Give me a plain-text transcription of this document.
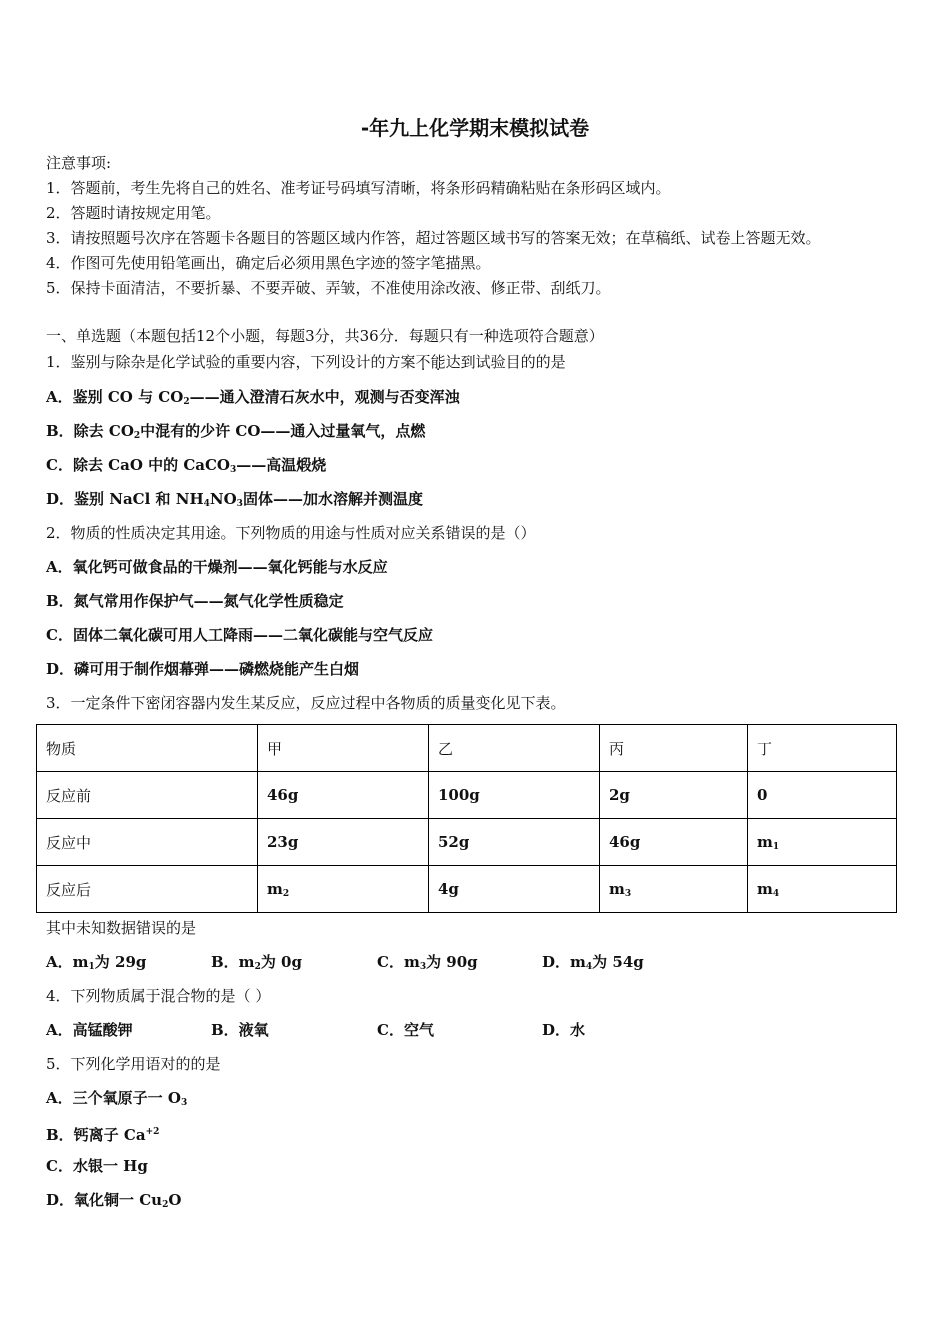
-年九上化学期末模拟试卷
注意事项:
1．答题前，考生先将自己的姓名、准考证号码填写清晰，将条形码精确粘贴在条形码区域内。
2．答题时请按规定用笔。
3．请按照题号次序在答题卡各题目的答题区域内作答，超过答题区域书写的答案无效；在草稿纸、试卷上答题无效。
4．作图可先使用铅笔画出，确定后必须用黑色字迹的签字笔描黑。
5．保持卡面清洁，不要折暴、不要弄破、弄皱，不准使用涂改液、修正带、刮纸刀。
一、单选题（本题包括12个小题，每题3分，共36分．每题只有一种选项符合题意）
1．鉴别与除杂是化学试验的重要内容，下列设计的方案不能达到试验目的的是
A．鉴别 CO 与 $CO_2——$通入澄清石灰水中，观测与否变浑浊
B．除去 $CO_2$中混有的少许 CO——通入过量氧气，点燃
C．除去 CaO 中的 CaCO$_3$——高温煅烧
D．鉴别 NaCl 和 $NH_4NO_3$固体——加水溶解并测温度
2．物质的性质决定其用途。下列物质的用途与性质对应关系错误的是（）
A．氧化钙可做食品的干燥剂——氧化钙能与水反应
B．氮气常用作保护气——氮气化学性质稳定
C．固体二氧化碳可用人工降雨——二氧化碳能与空气反应
D．磷可用于制作烟幕弹——磷燃烧能产生白烟
3．一定条件下密闭容器内发生某反应，反应过程中各物质的质量变化见下表。
物质	甲	乙	丙	丁
反应前	46g	100g	2g	0
反应中	23g	52g	46g	$m_1$
反应后	$m_2$	4g	$m_3$	$m_4$
其中未知数据错误的是
A．$m_1$为 29g	B．$m_2$为 0g	C．$m_3$为 90g	D．$m_4$为 54g
4．下列物质属于混合物的是（ ）
A．高锰酸钾	B．液氧	C．空气	D．水
5．下列化学用语对的的是
A．三个氧原子一 $O_3$
B．钙离子 $Ca^{+2}$
C．水银一 Hg
D．氧化铜一 $Cu_2O$
